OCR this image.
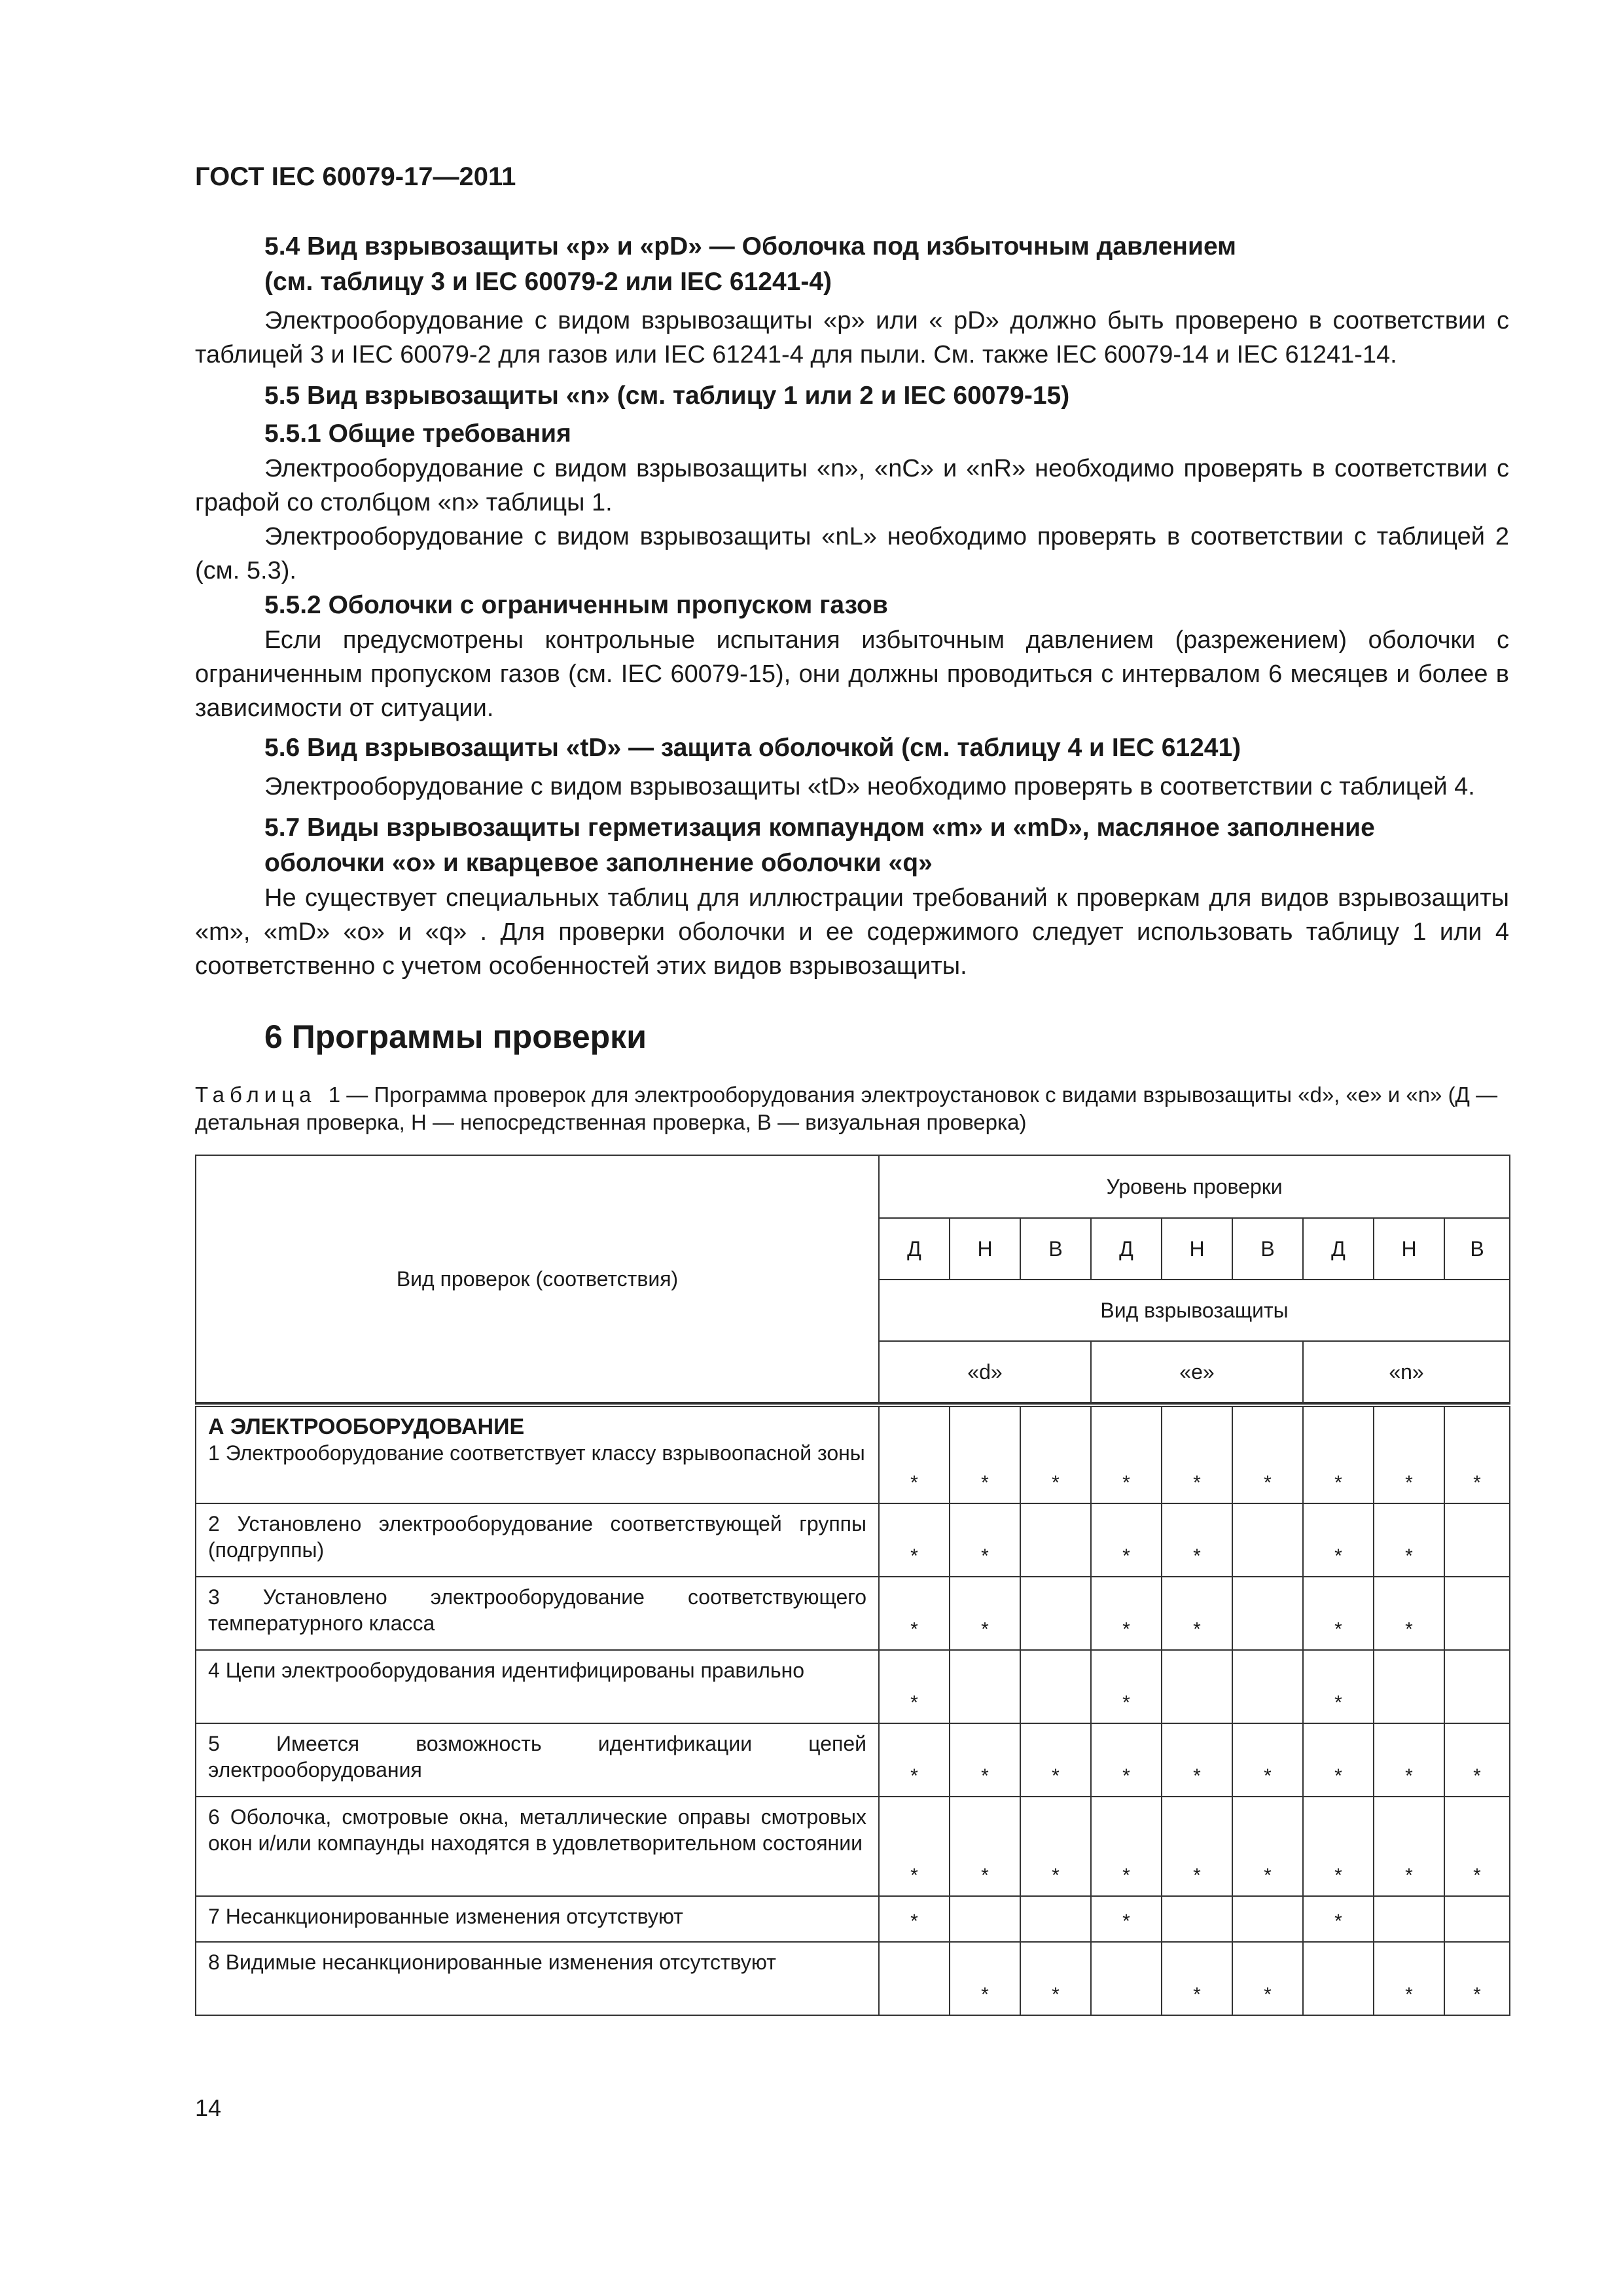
ГОСТ IEC 60079-17—2011

5.4 Вид взрывозащиты «р» и «pD» — Оболочка под избыточным давлением

(см. таблицу 3 и IEC 60079-2 или IEC 61241-4)

Электрооборудование с видом взрывозащиты «р» или « pD» должно быть проверено в соответствии с таблицей 3 и IEC 60079-2 для газов или IEC 61241-4 для пыли. См. также IEC 60079-14 и IEC 61241-14.

5.5 Вид взрывозащиты «n» (см. таблицу 1 или 2 и IEC 60079-15)

5.5.1 Общие требования

Электрооборудование с видом взрывозащиты «n», «nC» и «nR» необходимо проверять в соответствии с графой со столбцом «n» таблицы 1.

Электрооборудование с видом взрывозащиты «nL» необходимо проверять в соответствии с таблицей 2 (см. 5.3).

5.5.2 Оболочки с ограниченным пропуском газов

Если предусмотрены контрольные испытания избыточным давлением (разрежением) оболочки с ограниченным пропуском газов (см. IEC 60079-15), они должны проводиться с интервалом 6 месяцев и более в зависимости от ситуации.

5.6 Вид взрывозащиты «tD» — защита оболочкой (см. таблицу 4 и IEC 61241)

Электрооборудование с видом взрывозащиты «tD» необходимо проверять в соответствии с таблицей 4.

5.7 Виды взрывозащиты герметизация компаундом «m» и «mD», масляное заполнение

оболочки «о» и кварцевое заполнение оболочки «q»

Не существует специальных таблиц для иллюстрации требований к проверкам для видов взрывозащиты «m», «mD» «о» и «q» . Для проверки оболочки и ее содержимого следует использовать таблицу 1 или 4 соответственно с учетом особенностей этих видов взрывозащиты.

6 Программы проверки

Таблица 1 — Программа проверок для электрооборудования электроустановок с видами взрывозащиты «d», «е» и «n» (Д — детальная проверка, Н — непосредственная проверка, В — визуальная проверка)

Вид проверок (соответствия)	Уровень проверки								
	Д	Н	В	Д	Н	В	Д	Н	В
	Вид взрывозащиты								
	«d»			«e»			«n»		
А ЭЛЕКТРООБОРУДОВАНИЕ
1 Электрооборудование соответствует классу взрывоопасной зоны	*	*	*	*	*	*	*	*	*

2 Установлено электрооборудование соответствующей группы (подгруппы)	*	*		*	*		*	*	

3 Установлено электрооборудование соответствующего температурного класса	*	*		*	*		*	*	

4 Цепи электрооборудования идентифицированы правильно	*			*			*		

5 Имеется возможность идентификации цепей электрооборудования	*	*	*	*	*	*	*	*	*

6 Оболочка, смотровые окна, металлические оправы смотровых окон и/или компаунды находятся в удовлетворительном состоянии	*	*	*	*	*	*	*	*	*

7 Несанкционированные изменения отсутствуют	*			*			*		

8 Видимые несанкционированные изменения отсутствуют		*	*		*	*		*	*
14
